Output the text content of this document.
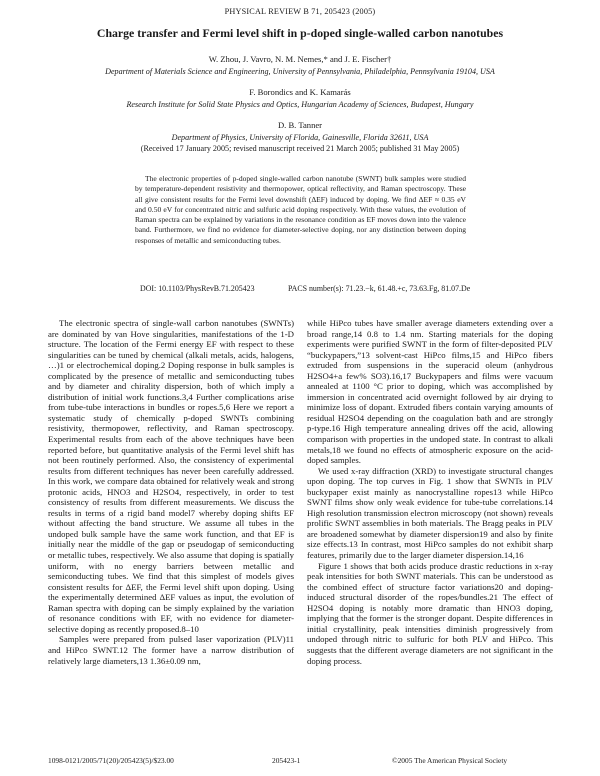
PHYSICAL REVIEW B 71, 205423 (2005)
Charge transfer and Fermi level shift in p-doped single-walled carbon nanotubes
W. Zhou, J. Vavro, N. M. Nemes,* and J. E. Fischer†
Department of Materials Science and Engineering, University of Pennsylvania, Philadelphia, Pennsylvania 19104, USA
F. Borondics and K. Kamarás
Research Institute for Solid State Physics and Optics, Hungarian Academy of Sciences, Budapest, Hungary
D. B. Tanner
Department of Physics, University of Florida, Gainesville, Florida 32611, USA
(Received 17 January 2005; revised manuscript received 21 March 2005; published 31 May 2005)

The electronic properties of p-doped single-walled carbon nanotube (SWNT) bulk samples were studied by temperature-dependent resistivity and thermopower, optical reflectivity, and Raman spectroscopy. These all give consistent results for the Fermi level downshift (ΔEF) induced by doping. We find ΔEF ≈ 0.35 eV and 0.50 eV for concentrated nitric and sulfuric acid doping respectively. With these values, the evolution of Raman spectra can be explained by variations in the resonance condition as EF moves down into the valence band. Furthermore, we find no evidence for diameter-selective doping, nor any distinction between doping responses of metallic and semiconducting tubes.

DOI: 10.1103/PhysRevB.71.205423	PACS number(s): 71.23.−k, 61.48.+c, 73.63.Fg, 81.07.De

The electronic spectra of single-wall carbon nanotubes (SWNTs) are dominated by van Hove singularities, manifestations of the 1-D structure. The location of the Fermi energy EF with respect to these singularities can be tuned by chemical (alkali metals, acids, halogens, …)1 or electrochemical doping.2 Doping response in bulk samples is complicated by the presence of metallic and semiconducting tubes and by diameter and chirality dispersion, both of which imply a distribution of initial work functions.3,4 Further complications arise from tube-tube interactions in bundles or ropes.5,6 Here we report a systematic study of chemically p-doped SWNTs combining resistivity, thermopower, reflectivity, and Raman spectroscopy. Experimental results from each of the above techniques have been reported before, but quantitative analysis of the Fermi level shift has not been routinely performed. Also, the consistency of experimental results from different techniques has never been carefully addressed. In this work, we compare data obtained for relatively weak and strong protonic acids, HNO3 and H2SO4, respectively, in order to test consistency of results from different measurements. We discuss the results in terms of a rigid band model7 whereby doping shifts EF without affecting the band structure. We assume all tubes in the undoped bulk sample have the same work function, and that EF is initially near the middle of the gap or pseudogap of semiconducting or metallic tubes, respectively. We also assume that doping is spatially uniform, with no energy barriers between metallic and semiconducting tubes. We find that this simplest of models gives consistent results for ΔEF, the Fermi level shift upon doping. Using the experimentally determined ΔEF values as input, the evolution of Raman spectra with doping can be simply explained by the variation of resonance conditions with EF, with no evidence for diameter-selective doping as recently proposed.8–10

Samples were prepared from pulsed laser vaporization (PLV)11 and HiPco SWNT.12 The former have a narrow distribution of relatively large diameters,13 1.36±0.09 nm,

while HiPco tubes have smaller average diameters extending over a broad range,14 0.8 to 1.4 nm. Starting materials for the doping experiments were purified SWNT in the form of filter-deposited PLV “buckypapers,”13 solvent-cast HiPco films,15 and HiPco fibers extruded from suspensions in the superacid oleum (anhydrous H2SO4+a few% SO3).16,17 Buckypapers and films were vacuum annealed at 1100 °C prior to doping, which was accomplished by immersion in concentrated acid overnight followed by air drying to minimize loss of dopant. Extruded fibers contain varying amounts of residual H2SO4 depending on the coagulation bath and are strongly p-type.16 High temperature annealing drives off the acid, allowing comparison with properties in the undoped state. In contrast to alkali metals,18 we found no effects of atmospheric exposure on the acid-doped samples.

We used x-ray diffraction (XRD) to investigate structural changes upon doping. The top curves in Fig. 1 show that SWNTs in PLV buckypaper exist mainly as nanocrystalline ropes13 while HiPco SWNT films show only weak evidence for tube-tube correlations.14 High resolution transmission electron microscopy (not shown) reveals prolific SWNT assemblies in both materials. The Bragg peaks in PLV are broadened somewhat by diameter dispersion19 and also by finite size effects.13 In contrast, most HiPco samples do not exhibit sharp features, primarily due to the larger diameter dispersion.14,16

Figure 1 shows that both acids produce drastic reductions in x-ray peak intensities for both SWNT materials. This can be understood as the combined effect of structure factor variations20 and doping-induced structural disorder of the ropes/bundles.21 The effect of H2SO4 doping is notably more dramatic than HNO3 doping, implying that the former is the stronger dopant. Despite differences in initial crystallinity, peak intensities diminish progressively from undoped through nitric to sulfuric for both PLV and HiPco. This suggests that the different average diameters are not significant in the doping process.

1098-0121/2005/71(20)/205423(5)/$23.00	205423-1	©2005 The American Physical Society
